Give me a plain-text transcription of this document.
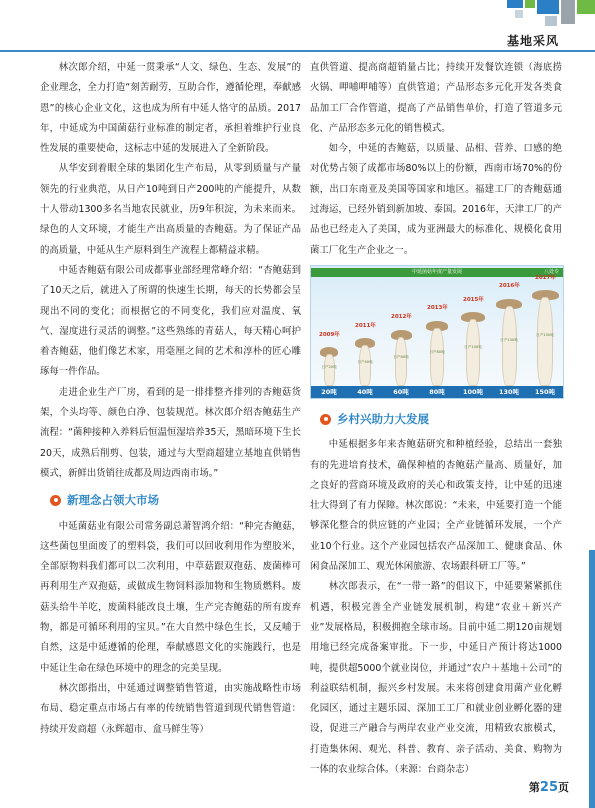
基地采风

林次郎介绍，中延一贯秉承“人文、绿色、生态、发展”的企业理念，全力打造“刻苦耐劳，互助合作，遵循伦理，奉献感恩”的核心企业文化，这也成为所有中延人恪守的品质。2017年，中延成为中国菌菇行业标准的制定者，承担着维护行业良性发展的重要使命，这标志中延的发展进入了全新阶段。

从华安到着眼全球的集团化生产布局，从零到质量与产量领先的行业典范，从日产10吨到日产200吨的产能提升，从数十人带动1300多名当地农民就业，历9年积淀，为未来而来。绿色的人文环境，才能生产出高质量的杏鲍菇。为了保证产品的高质量，中延从生产原料到生产流程上都精益求精。

中延杏鲍菇有限公司成都事业部经理常峰介绍：“杏鲍菇到了10天之后，就进入了所谓的快速生长期，每天的长势都会呈现出不同的变化；而根据它的不同变化，我们应对温度、氧气、湿度进行灵活的调整。”这些熟练的青菇人，每天精心呵护着杏鲍菇，他们像艺术家，用毫厘之间的艺术和淳朴的匠心雕琢每一件作品。

走进企业生产厂房，看到的是一排排整齐排列的杏鲍菇货架，个头均等、颜色白净、包装规范。林次郎介绍杏鲍菇生产流程：“菌种接种入养料后恒温恒湿培养35天，黑暗环境下生长20天，成熟后削剪、包装，通过与大型商超建立基地直供销售模式，新鲜出货销往成都及周边西南市场。”

新理念占领大市场

中延菌菇业有限公司常务副总萧智鸿介绍：“种完杏鲍菇，这些菌包里面废了的塑料袋，我们可以回收利用作为塑胶米，全部原物料我们都可以二次利用，中草菇跟双孢菇、废菌棒可再利用生产双孢菇，或做成生物饲料添加物和生物质燃料。废菇头给牛羊吃，废菌料能改良土壤，生产完杏鲍菇的所有废弃物，都是可循环利用的宝贝。”在大自然中绿色生长，又反哺于自然，这是中延遵循的伦理，奉献感恩文化的实施践行，也是中延让生命在绿色环境中的理念的完美呈现。

林次郎指出，中延通过调整销售管道，由实施战略性市场布局、稳定重点市场占有率的传统销售管道到现代销售管道：持续开发商超（永辉超市、盒马鲜生等）

直供管道、提高商超销量占比；持续开发餐饮连锁（海底捞火锅、呷哺呷哺等）直供管道；产品形态多元化开发各类食品加工厂合作管道，提高了产品销售单价，打造了管道多元化、产品形态多元化的销售模式。

如今，中延的杏鲍菇，以质量、品相、营养、口感的绝对优势占领了成都市场80%以上的份额，西南市场70%的份额，出口东南亚及美国等国家和地区。福建工厂的杏鲍菇通过海运，已经外销到新加坡、泰国。2016年，天津工厂的产品也已经走入了美国，成为亚洲最大的标准化、规模化食用菌工厂化生产企业之一。

中延菌菇年度产量发展	八处专
20吨	40吨	60吨	80吨	100吨	130吨	150吨
日产20吨
2009年
日产40吨
2011年
日产60吨
2012年
日产80吨
2013年
日产100吨
2015年
日产130吨
2016年
日产150吨
2017年
乡村兴助力大发展

中延根据多年来杏鲍菇研究和种植经验，总结出一套独有的先进培育技术，确保种植的杏鲍菇产量高、质量好，加之良好的营商环境及政府的关心和政策支持，让中延的迅速壮大得到了有力保障。林次郎说：“未来，中延要打造一个能够深化整合的供应链的产业园；全产业链循环发展，一个产业10个行业。这个产业园包括农产品深加工、健康食品、休闲食品深加工、观光休闲旅游、农场跟科研工厂等。”

林次郎表示，在“一带一路”的倡议下，中延要紧紧抓住机遇，积极完善全产业链发展机制，构建“农业＋新兴产业”发展格局，积极拥抱全球市场。目前中延二期120亩规划用地已经完成备案审批。下一步，中延日产预计将达1000吨，提供超5000个就业岗位，并通过“农户＋基地＋公司”的利益联结机制，振兴乡村发展。未来将创建食用菌产业化孵化园区，通过主题乐园、深加工工厂和就业创业孵化器的建设，促进三产融合与两岸农业产业交流，用精致农旅模式，打造集休闲、观光、科普、教育、亲子活动、美食、购物为一体的农业综合体。（来源：台商杂志）

第25页
